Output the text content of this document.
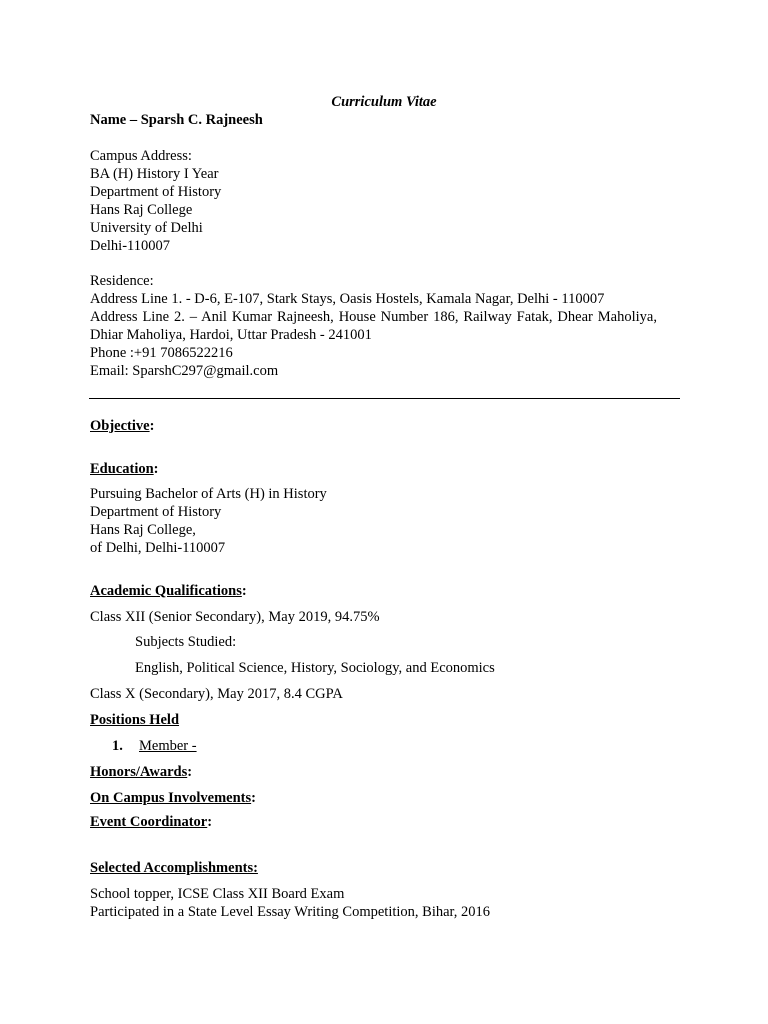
Curriculum Vitae
Name – Sparsh C. Rajneesh
Campus Address:
BA (H) History I Year
Department of History
Hans Raj College
University of Delhi
Delhi-110007
Residence:
Address Line 1. - D-6, E-107, Stark Stays, Oasis Hostels, Kamala Nagar, Delhi - 110007
Address Line 2. – Anil Kumar Rajneesh, House Number 186, Railway Fatak, Dhear Maholiya,
Dhiar Maholiya, Hardoi, Uttar Pradesh - 241001
Phone :+91 7086522216
Email: SparshC297@gmail.com
Objective:
Education:
Pursuing Bachelor of Arts (H) in History
Department of History
Hans Raj College,
of Delhi, Delhi-110007
Academic Qualifications:
Class XII (Senior Secondary), May 2019, 94.75%
Subjects Studied:
English, Political Science, History, Sociology, and Economics
Class X (Secondary), May 2017, 8.4 CGPA
Positions Held
1. Member -
Honors/Awards:
On Campus Involvements:
Event Coordinator:
Selected Accomplishments:
School topper, ICSE Class XII Board Exam
Participated in a State Level Essay Writing Competition, Bihar, 2016
